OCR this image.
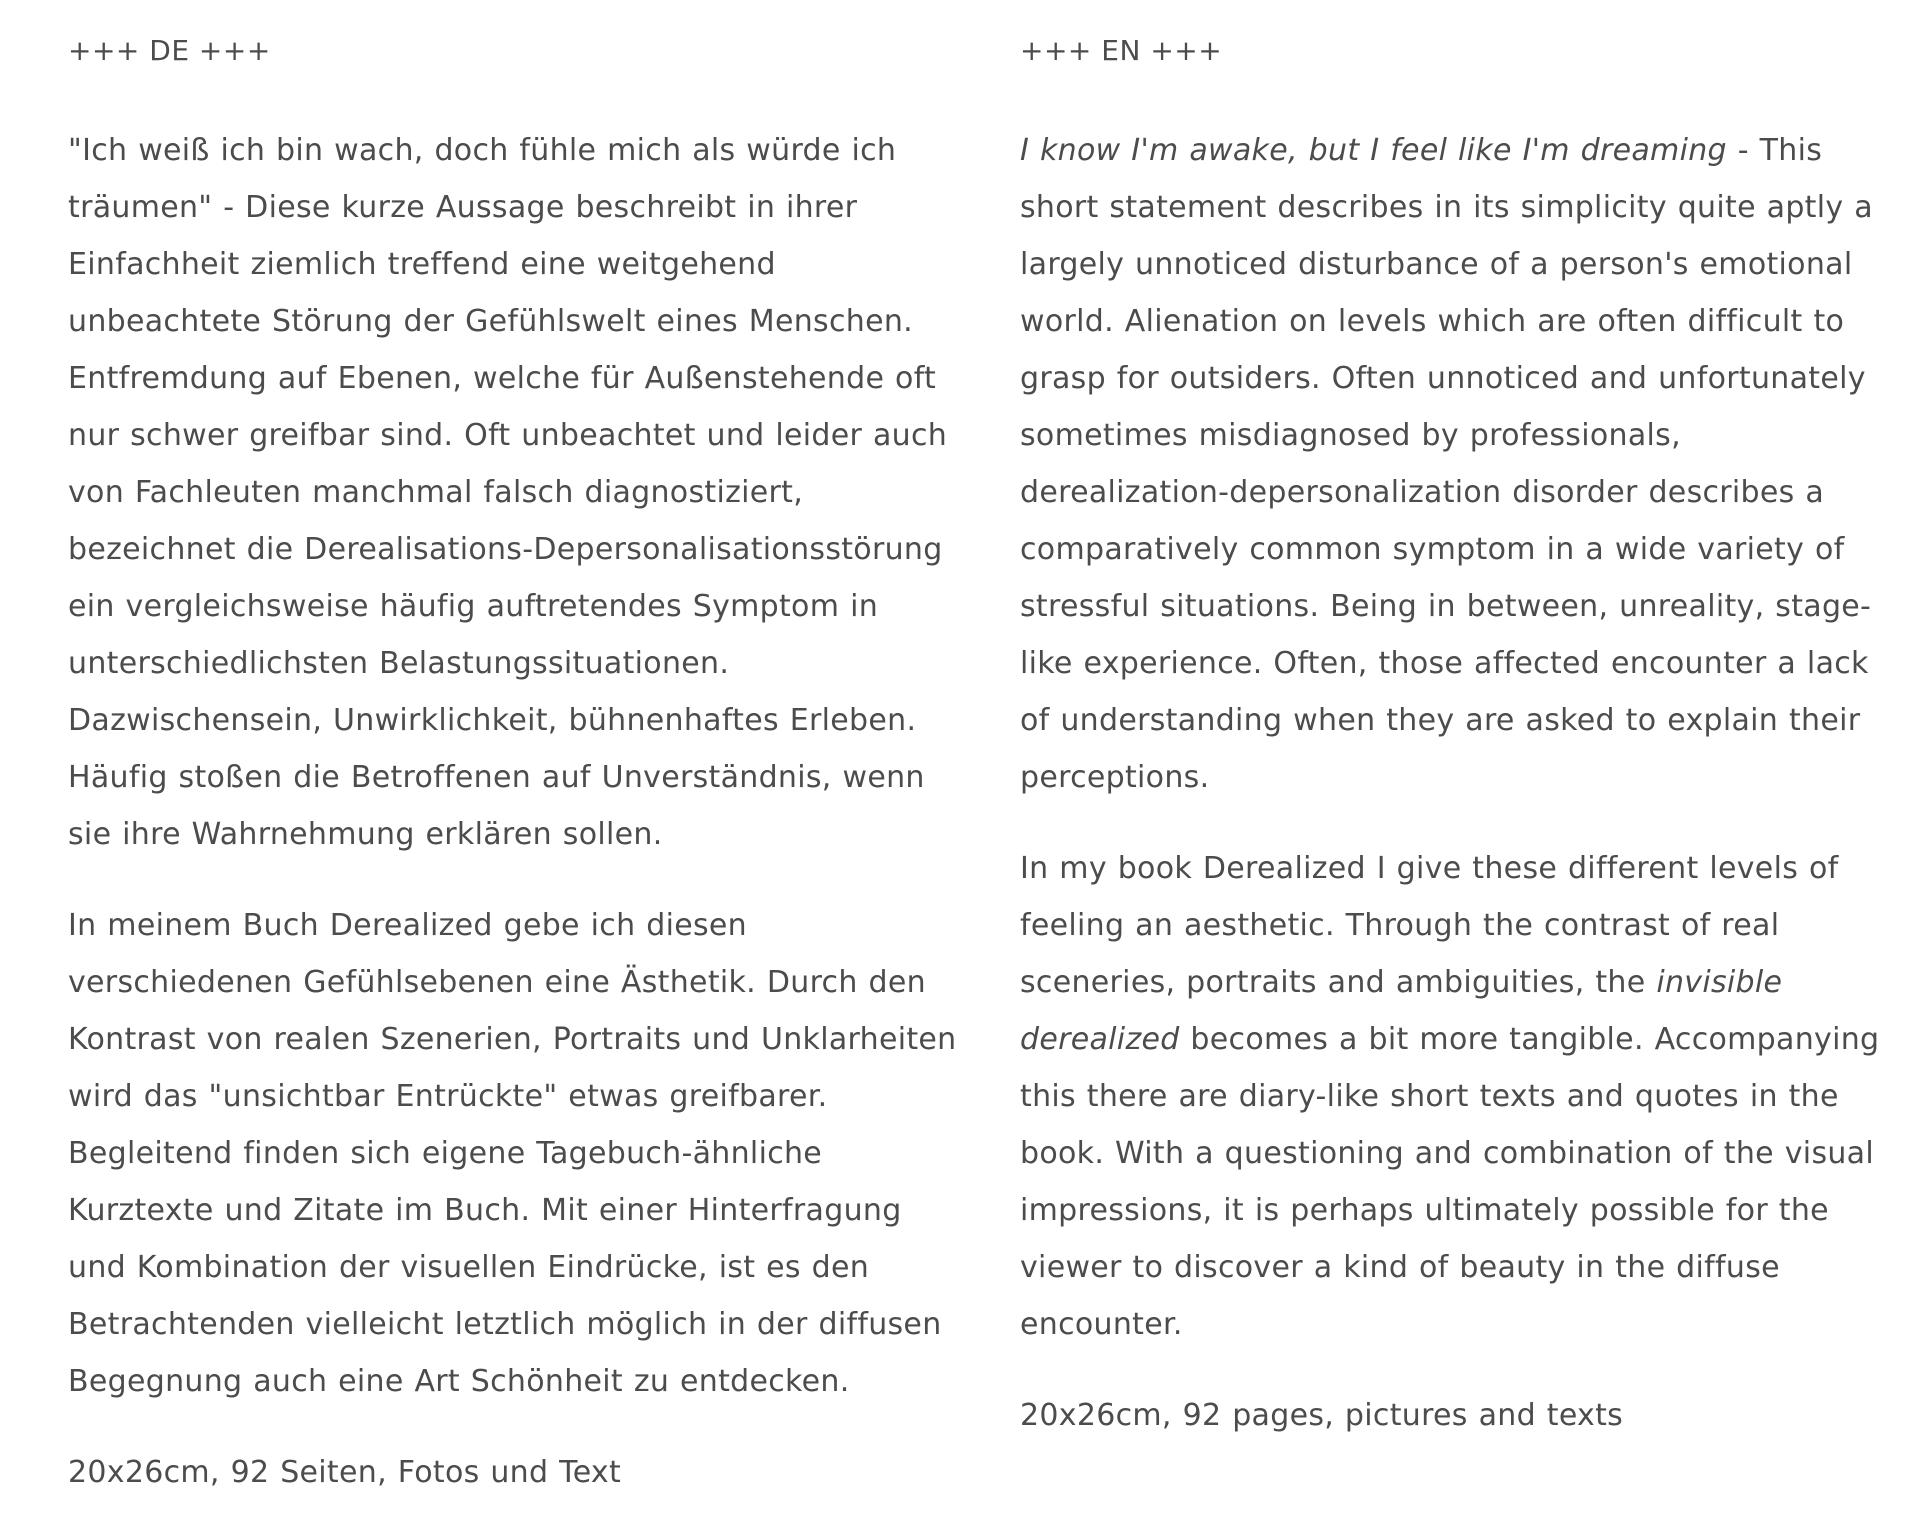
+++ DE +++

"Ich weiß ich bin wach, doch fühle mich als würde ich träumen" - Diese kurze Aussage beschreibt in ihrer Einfachheit ziemlich treffend eine weitgehend unbeachtete Störung der Gefühlswelt eines Menschen. Entfremdung auf Ebenen, welche für Außenstehende oft nur schwer greifbar sind. Oft unbeachtet und leider auch von Fachleuten manchmal falsch diagnostiziert, bezeichnet die Derealisations-Depersonalisationsstörung ein vergleichsweise häufig auftretendes Symptom in unterschiedlichsten Belastungssituationen. Dazwischensein, Unwirklichkeit, bühnenhaftes Erleben. Häufig stoßen die Betroffenen auf Unverständnis, wenn sie ihre Wahrnehmung erklären sollen.

In meinem Buch Derealized gebe ich diesen verschiedenen Gefühlsebenen eine Ästhetik. Durch den Kontrast von realen Szenerien, Portraits und Unklarheiten wird das "unsichtbar Entrückte" etwas greifbarer. Begleitend finden sich eigene Tagebuch-ähnliche Kurztexte und Zitate im Buch. Mit einer Hinterfragung und Kombination der visuellen Eindrücke, ist es den Betrachtenden vielleicht letztlich möglich in der diffusen Begegnung auch eine Art Schönheit zu entdecken.

20x26cm, 92 Seiten, Fotos und Text

+++ EN +++

I know I'm awake, but I feel like I'm dreaming - This short statement describes in its simplicity quite aptly a largely unnoticed disturbance of a person's emotional world. Alienation on levels which are often difficult to grasp for outsiders. Often unnoticed and unfortunately sometimes misdiagnosed by professionals, derealization-depersonalization disorder describes a comparatively common symptom in a wide variety of stressful situations. Being in between, unreality, stage-like experience. Often, those affected encounter a lack of understanding when they are asked to explain their perceptions.

In my book Derealized I give these different levels of feeling an aesthetic. Through the contrast of real sceneries, portraits and ambiguities, the invisible derealized becomes a bit more tangible. Accompanying this there are diary-like short texts and quotes in the book. With a questioning and combination of the visual impressions, it is perhaps ultimately possible for the viewer to discover a kind of beauty in the diffuse encounter.

20x26cm, 92 pages, pictures and texts
